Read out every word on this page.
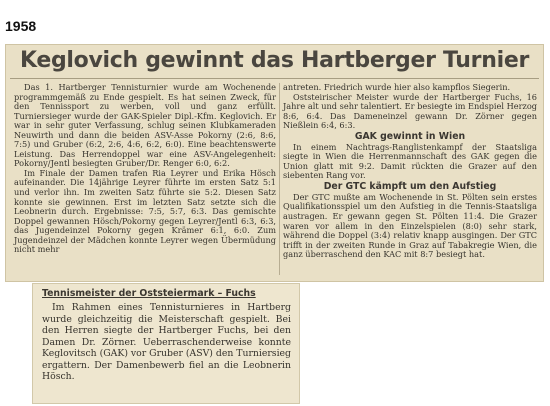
1958
Keglovich gewinnt das Hartberger Turnier

Das 1. Hartberger Tennisturnier wurde am Wochenende programmgemäß zu Ende gespielt. Es hat seinen Zweck, für den Tennissport zu werben, voll und ganz erfüllt. Turniersieger wurde der GAK-Spieler Dipl.-Kfm. Keglovich. Er war in sehr guter Verfassung, schlug seinen Klubkameraden Neuwirth und dann die beiden ASV-Asse Pokorny (2:6, 8:6, 7:5) und Gruber (6:2, 2:6, 4:6, 6:2, 6:0). Eine beachtenswerte Leistung. Das Herrendoppel war eine ASV-Angelegenheit: Pokorny/Jentl besiegten Gruber/Dr. Renger 6:0, 6:2.

Im Finale der Damen trafen Ria Leyrer und Erika Hösch aufeinander. Die 14jährige Leyrer führte im ersten Satz 5:1 und verlor ihn. Im zweiten Satz führte sie 5:2. Diesen Satz konnte sie gewinnen. Erst im letzten Satz setzte sich die Leobnerin durch. Ergebnisse: 7:5, 5:7, 6:3. Das gemischte Doppel gewannen Hösch/Pokorny gegen Leyrer/Jentl 6:3, 6:3, das Jugendeinzel Pokorny gegen Krämer 6:1, 6:0. Zum Jugendeinzel der Mädchen konnte Leyrer wegen Übermüdung nicht mehr

antreten. Friedrich wurde hier also kampflos Siegerin.

Oststeirischer Meister wurde der Hartberger Fuchs, 16 Jahre alt und sehr talentiert. Er besiegte im Endspiel Herzog 8:6, 6:4. Das Dameneinzel gewann Dr. Zörner gegen Nießlein 6:4, 6:3.

GAK gewinnt in Wien

In einem Nachtrags-Ranglistenkampf der Staatsliga siegte in Wien die Herrenmannschaft des GAK gegen die Union glatt mit 9:2. Damit rückten die Grazer auf den siebenten Rang vor.

Der GTC kämpft um den Aufstieg

Der GTC mußte am Wochenende in St. Pölten sein erstes Qualifikationsspiel um den Aufstieg in die Tennis-Staatsliga austragen. Er gewann gegen St. Pölten 11:4. Die Grazer waren vor allem in den Einzelspielen (8:0) sehr stark, während die Doppel (3:4) relativ knapp ausgingen. Der GTC trifft in der zweiten Runde in Graz auf Tabakregie Wien, die ganz überraschend den KAC mit 8:7 besiegt hat.

Tennismeister der Oststeiermark – Fuchs

Im Rahmen eines Tennisturnieres in Hartberg wurde gleichzeitig die Meisterschaft gespielt. Bei den Herren siegte der Hartberger Fuchs, bei den Damen Dr. Zörner. Ueberraschenderweise konnte Keglovitsch (GAK) vor Gruber (ASV) den Turniersieg ergattern. Der Damenbewerb fiel an die Leobnerin Hösch.
